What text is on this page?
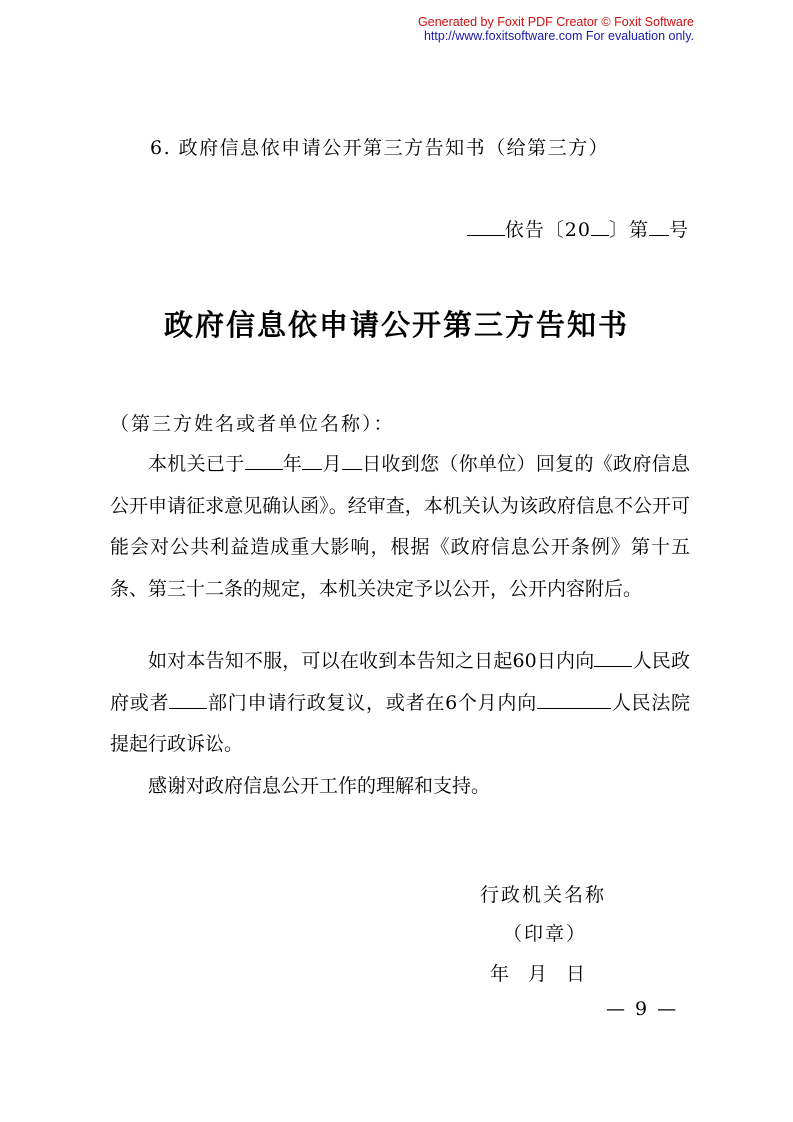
Generated by Foxit PDF Creator © Foxit Software
http://www.foxitsoftware.com For evaluation only.
6. 政府信息依申请公开第三方告知书（给第三方）
依告〔20 〕第 号
政府信息依申请公开第三方告知书
（第三方姓名或者单位名称）：
本机关已于 年 月 日收到您（你单位）回复的《政府信息公开申请征求意见确认函》。经审查，本机关认为该政府信息不公开可能会对公共利益造成重大影响，根据《政府信息公开条例》第十五条、第三十二条的规定，本机关决定予以公开，公开内容附后。
如对本告知不服，可以在收到本告知之日起60日内向 人民政府或者 部门申请行政复议，或者在6个月内向	人民法院提起行政诉讼。
感谢对政府信息公开工作的理解和支持。
行政机关名称
（印章）
年　月　日
— 9 —
